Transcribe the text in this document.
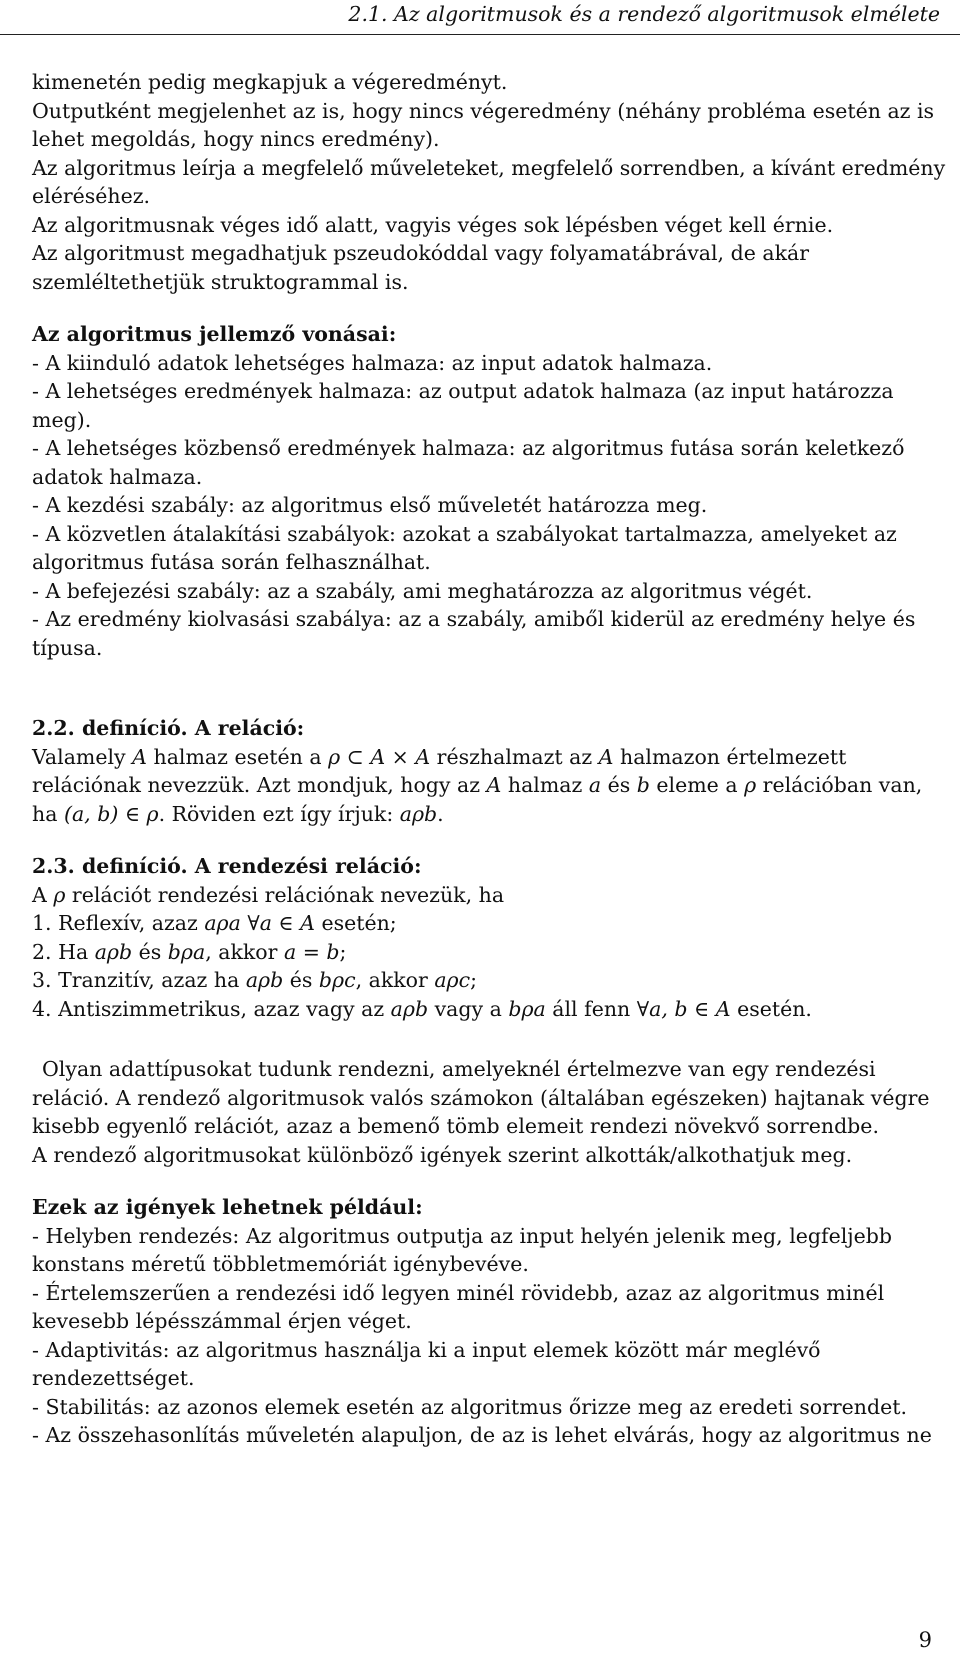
2.1. Az algoritmusok és a rendező algoritmusok elmélete

kimenetén pedig megkapjuk a végeredményt.

Outputként megjelenhet az is, hogy nincs végeredmény (néhány probléma esetén az is lehet megoldás, hogy nincs eredmény).

Az algoritmus leírja a megfelelő műveleteket, megfelelő sorrendben, a kívánt eredmény eléréséhez.

Az algoritmusnak véges idő alatt, vagyis véges sok lépésben véget kell érnie.

Az algoritmust megadhatjuk pszeudokóddal vagy folyamatábrával, de akár szemléltethetjük struktogrammal is.

Az algoritmus jellemző vonásai:

- A kiinduló adatok lehetséges halmaza: az input adatok halmaza.

- A lehetséges eredmények halmaza: az output adatok halmaza (az input határozza meg).

- A lehetséges közbenső eredmények halmaza: az algoritmus futása során keletkező adatok halmaza.

- A kezdési szabály: az algoritmus első műveletét határozza meg.

- A közvetlen átalakítási szabályok: azokat a szabályokat tartalmazza, amelyeket az algoritmus futása során felhasználhat.

- A befejezési szabály: az a szabály, ami meghatározza az algoritmus végét.

- Az eredmény kiolvasási szabálya: az a szabály, amiből kiderül az eredmény helye és típusa.

2.2. definíció. A reláció:

Valamely A halmaz esetén a ρ ⊂ A × A részhalmazt az A halmazon értelmezett relációnak nevezzük. Azt mondjuk, hogy az A halmaz a és b eleme a ρ relációban van, ha (a, b) ∈ ρ. Röviden ezt így írjuk: aρb.

2.3. definíció. A rendezési reláció:

A ρ relációt rendezési relációnak nevezük, ha

1. Reflexív, azaz aρa ∀a ∈ A esetén;

2. Ha aρb és bρa, akkor a = b;

3. Tranzitív, azaz ha aρb és bρc, akkor aρc;

4. Antiszimmetrikus, azaz vagy az aρb vagy a bρa áll fenn ∀a, b ∈ A esetén.

Olyan adattípusokat tudunk rendezni, amelyeknél értelmezve van egy rendezési reláció. A rendező algoritmusok valós számokon (általában egészeken) hajtanak végre kisebb egyenlő relációt, azaz a bemenő tömb elemeit rendezi növekvő sorrendbe.

A rendező algoritmusokat különböző igények szerint alkották/alkothatjuk meg.

Ezek az igények lehetnek például:

- Helyben rendezés: Az algoritmus outputja az input helyén jelenik meg, legfeljebb konstans méretű többletmemóriát igénybevéve.

- Értelemszerűen a rendezési idő legyen minél rövidebb, azaz az algoritmus minél kevesebb lépésszámmal érjen véget.

- Adaptivitás: az algoritmus használja ki a input elemek között már meglévő rendezettséget.

- Stabilitás: az azonos elemek esetén az algoritmus őrizze meg az eredeti sorrendet.

- Az összehasonlítás műveletén alapuljon, de az is lehet elvárás, hogy az algoritmus ne

9
